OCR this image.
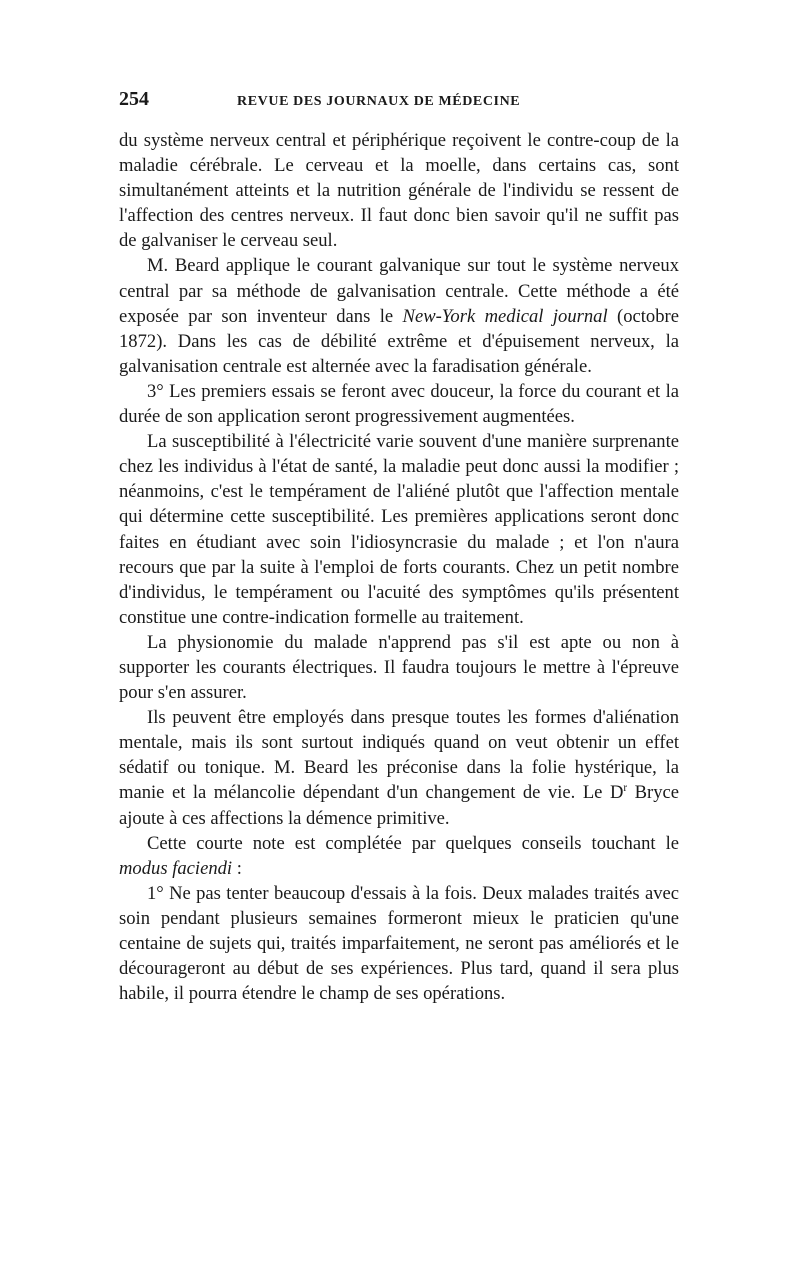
254	REVUE DES JOURNAUX DE MÉDECINE

du système nerveux central et périphérique reçoivent le contre-coup de la maladie cérébrale. Le cerveau et la moelle, dans certains cas, sont simultanément atteints et la nutrition générale de l'individu se ressent de l'affection des centres nerveux. Il faut donc bien savoir qu'il ne suffit pas de galvaniser le cerveau seul.

M. Beard applique le courant galvanique sur tout le système nerveux central par sa méthode de galvanisation centrale. Cette méthode a été exposée par son inventeur dans le New-York medical journal (octobre 1872). Dans les cas de débilité extrême et d'épuisement nerveux, la galvanisation centrale est alternée avec la faradisation générale.

3° Les premiers essais se feront avec douceur, la force du courant et la durée de son application seront progressivement augmentées.

La susceptibilité à l'électricité varie souvent d'une manière surprenante chez les individus à l'état de santé, la maladie peut donc aussi la modifier ; néanmoins, c'est le tempérament de l'aliéné plutôt que l'affection mentale qui détermine cette susceptibilité. Les premières applications seront donc faites en étudiant avec soin l'idiosyncrasie du malade ; et l'on n'aura recours que par la suite à l'emploi de forts courants. Chez un petit nombre d'individus, le tempérament ou l'acuité des symptômes qu'ils présentent constitue une contre-indication formelle au traitement.

La physionomie du malade n'apprend pas s'il est apte ou non à supporter les courants électriques. Il faudra toujours le mettre à l'épreuve pour s'en assurer.

Ils peuvent être employés dans presque toutes les formes d'aliénation mentale, mais ils sont surtout indiqués quand on veut obtenir un effet sédatif ou tonique. M. Beard les préconise dans la folie hystérique, la manie et la mélancolie dépendant d'un changement de vie. Le $D^r$ Bryce ajoute à ces affections la démence primitive.

Cette courte note est complétée par quelques conseils touchant le modus faciendi :

1° Ne pas tenter beaucoup d'essais à la fois. Deux malades traités avec soin pendant plusieurs semaines formeront mieux le praticien qu'une centaine de sujets qui, traités imparfaitement, ne seront pas améliorés et le décourageront au début de ses expériences. Plus tard, quand il sera plus habile, il pourra étendre le champ de ses opérations.
